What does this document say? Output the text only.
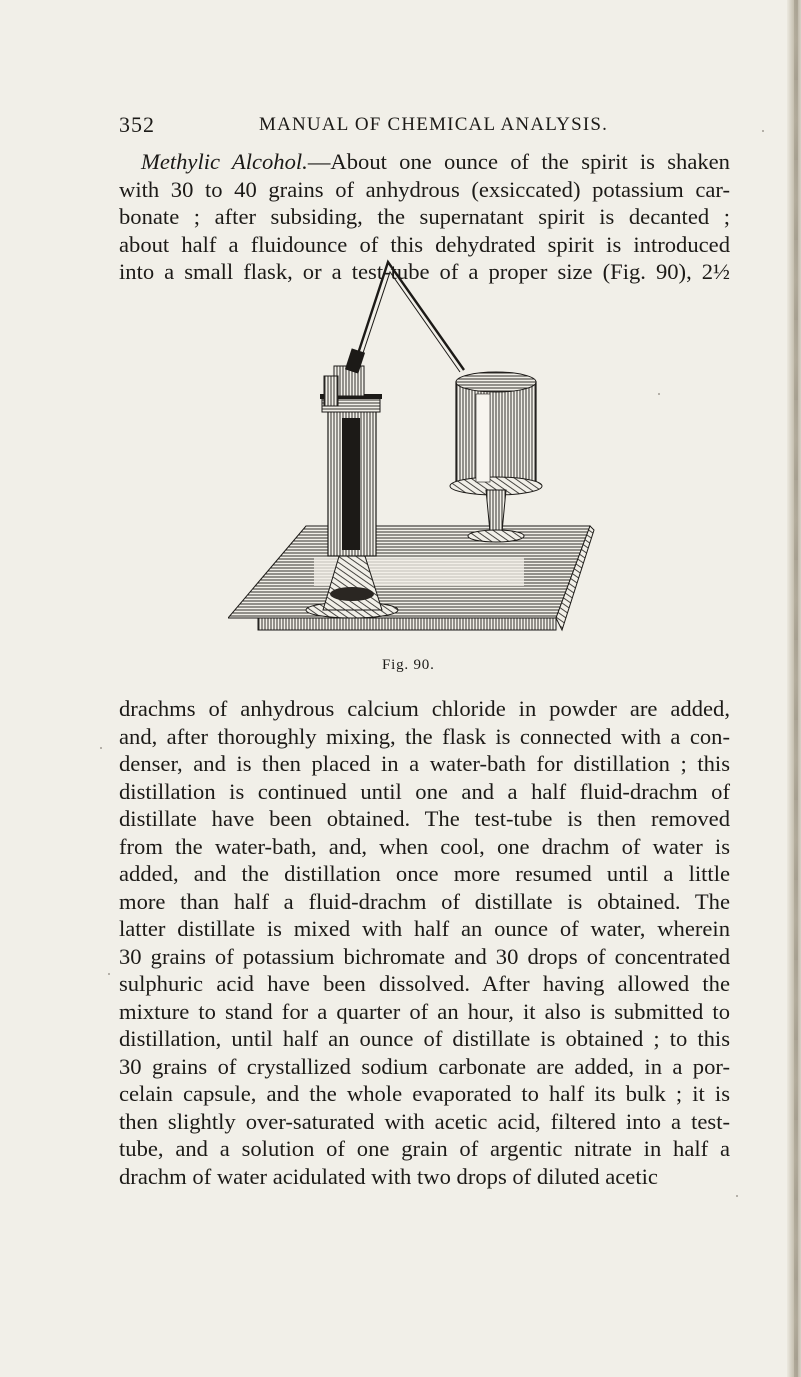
352	MANUAL OF CHEMICAL ANALYSIS.
Methylic Alcohol.—About one ounce of the spirit is shaken
with 30 to 40 grains of anhydrous (exsiccated) potassium car-
bonate ; after subsiding, the supernatant spirit is decanted ;
about half a fluidounce of this dehydrated spirit is introduced
into a small flask, or a test-tube of a proper size (Fig. 90), 2½
Fig. 90.
drachms of anhydrous calcium chloride in powder are added,
and, after thoroughly mixing, the flask is connected with a con-
denser, and is then placed in a water-bath for distillation ; this
distillation is continued until one and a half fluid-drachm of
distillate have been obtained. The test-tube is then removed
from the water-bath, and, when cool, one drachm of water is
added, and the distillation once more resumed until a little
more than half a fluid-drachm of distillate is obtained. The
latter distillate is mixed with half an ounce of water, wherein
30 grains of potassium bichromate and 30 drops of concentrated
sulphuric acid have been dissolved. After having allowed the
mixture to stand for a quarter of an hour, it also is submitted to
distillation, until half an ounce of distillate is obtained ; to this
30 grains of crystallized sodium carbonate are added, in a por-
celain capsule, and the whole evaporated to half its bulk ; it is
then slightly over-saturated with acetic acid, filtered into a test-
tube, and a solution of one grain of argentic nitrate in half a
drachm of water acidulated with two drops of diluted acetic
